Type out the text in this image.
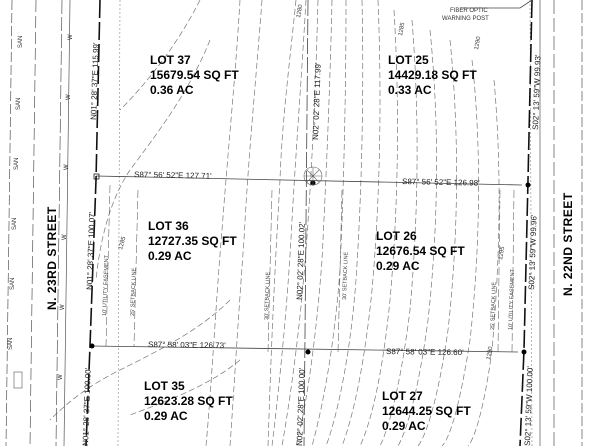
N. 23RD STREET	N. 22ND STREET
FIBER OPTIC
WARNING POST
LOT 37
15679.54 SQ FT
0.36 AC
LOT 25
14429.18 SQ FT
0.33 AC
LOT 36
12727.35 SQ FT
0.29 AC
LOT 26
12676.54 SQ FT
0.29 AC
LOT 35
12623.28 SQ FT
0.29 AC
LOT 27
12644.25 SQ FT
0.29 AC
S87° 56' 52"E 127.71'
S87° 56' 52"E 126.98'
S87° 58' 03"E 126.73'
S87° 58' 03"E 126.60'
N01° 28' 37"E 115.99'
N01° 28' 37"E 100.07'
N01° 28' 37"E 100.00'
N02° 02' 28"E 117.99'
N02° 02' 28"E 100.02'
N02° 02' 28"E 100.00'
S02° 13' 59"W 99.93'
S02° 13' 59"W 99.96'
S02° 13' 59"W 100.00'
10' UTILITY EASEMENT	25' SETBACK LINE	30' SETBACK LINE	30' SETBACK LINE
25' SETBACK LINE 10' UTILITY EASEMENT
SAN
SAN
SAN
SAN
SAN
SAN
W
W
W
W
W
W
1280
1285
1290
1295
1285
1290
